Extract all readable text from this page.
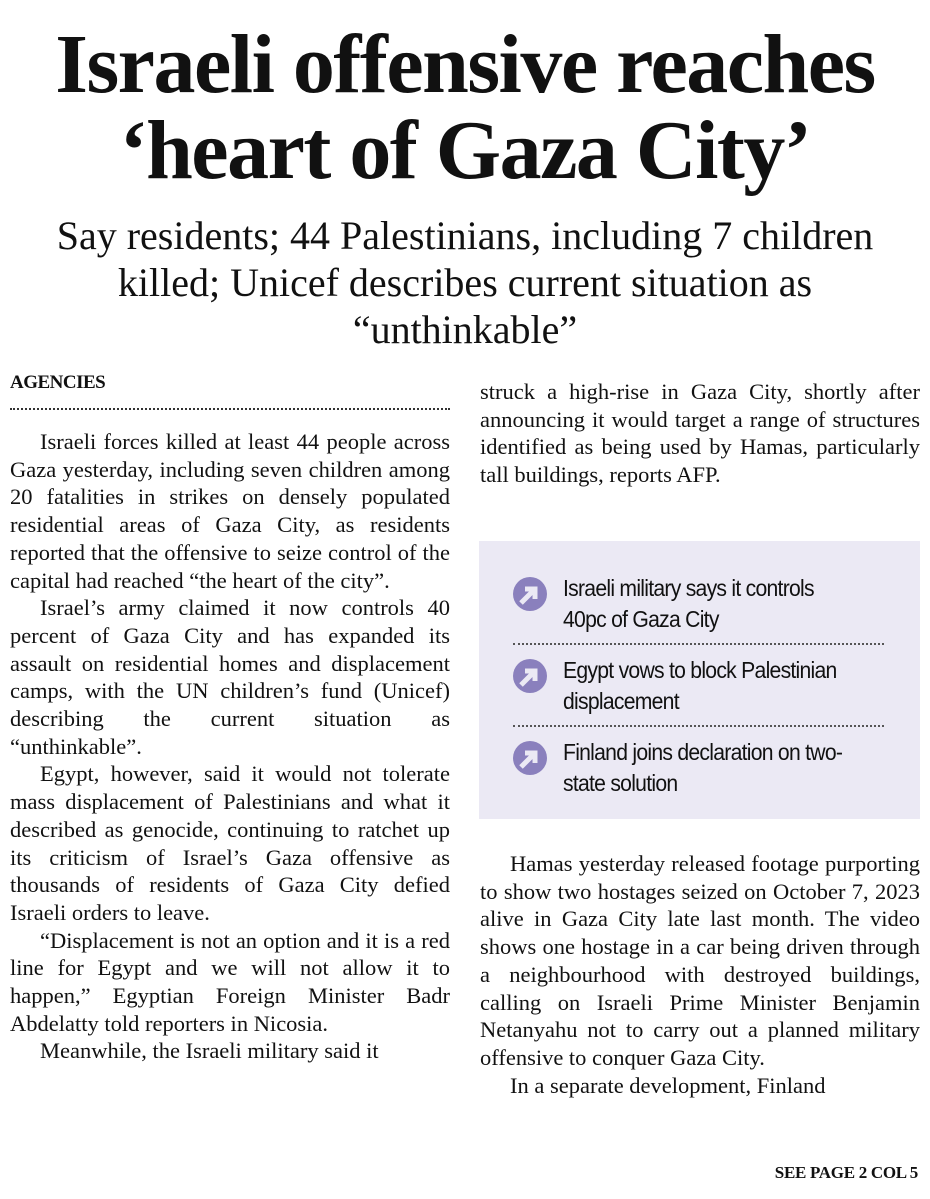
Israeli offensive reaches
‘heart of Gaza City’
Say residents; 44 Palestinians, including 7 children killed; Unicef describes current situation as “unthinkable”
AGENCIES

Israeli forces killed at least 44 people across Gaza yesterday, including seven children among 20 fatalities in strikes on densely populated residential areas of Gaza City, as residents reported that the offensive to seize control of the capital had reached “the heart of the city”.

Israel’s army claimed it now controls 40 percent of Gaza City and has expanded its assault on residential homes and displacement camps, with the UN children’s fund (Unicef) describing the current situation as “unthinkable”.

Egypt, however, said it would not tolerate mass displacement of Palestinians and what it described as genocide, continuing to ratchet up its criticism of Israel’s Gaza offensive as thousands of residents of Gaza City defied Israeli orders to leave.

“Displacement is not an option and it is a red line for Egypt and we will not allow it to happen,” Egyptian Foreign Minister Badr Abdelatty told reporters in Nicosia.

Meanwhile, the Israeli military said it

struck a high-rise in Gaza City, shortly after announcing it would target a range of structures identified as being used by Hamas, particularly tall buildings, reports AFP.

Israeli military says it controls 40pc of Gaza City
Egypt vows to block Palestinian displacement
Finland joins declaration on two-state solution

Hamas yesterday released footage purporting to show two hostages seized on October 7, 2023 alive in Gaza City late last month. The video shows one hostage in a car being driven through a neighbourhood with destroyed buildings, calling on Israeli Prime Minister Benjamin Netanyahu not to carry out a planned military offensive to conquer Gaza City.

In a separate development, Finland

SEE PAGE 2 COL 5
